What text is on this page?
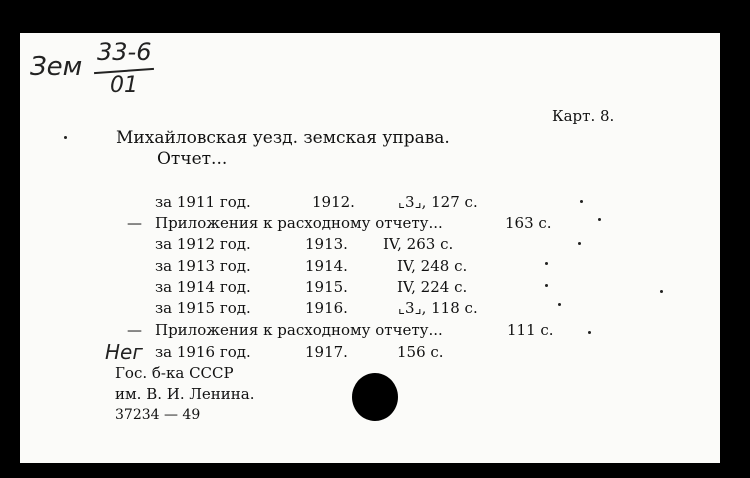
Зем 33-6
01
Карт. 8.
Михайловская уезд. земская управа.
Отчет...
за 1911 год.	1912.	⌞3⌟, 127 с.
— Приложения к расходному отчету...	163 с.
за 1912 год.	1913. IV, 263 с.
за 1913 год.	1914.	IV, 248 с.
за 1914 год.	1915.	IV, 224 с.
за 1915 год.	1916.	⌞3⌟, 118 с.
— Приложения к расходному отчету...	111 с.
Нег за 1916 год.	1917.	156 с.
Гос. б-ка СССР
им. В. И. Ленина.
37234 — 49
